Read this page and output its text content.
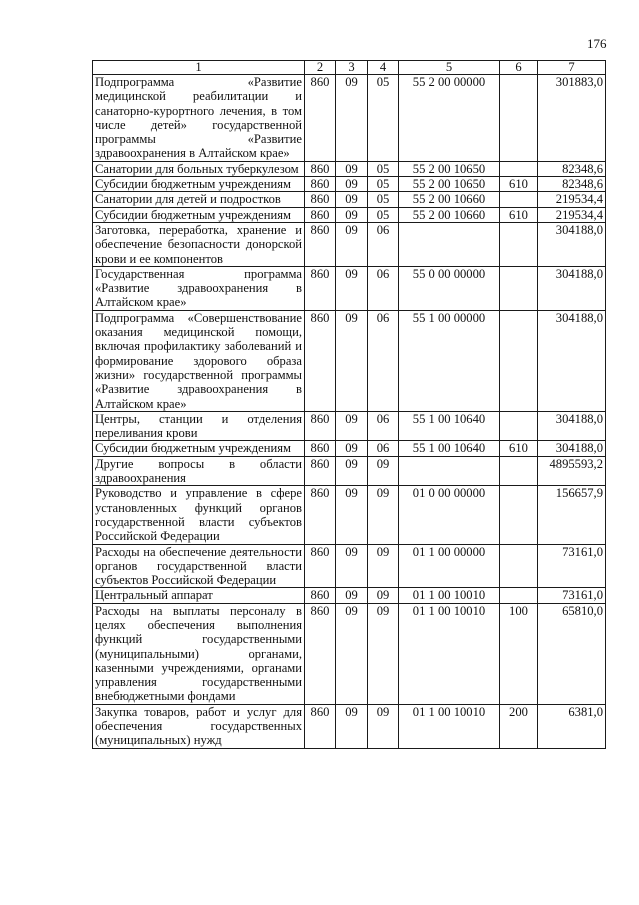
176
1	2	3	4	5	6	7
Подпрограмма «Развитие медицинской реабилитации и санаторно-курортного лечения, в том числе детей» государственной программы «Развитие здравоохранения в Алтайском крае»	860	09	05	55 2 00 00000		301883,0
Санатории для больных туберкулезом	860	09	05	55 2 00 10650		82348,6
Субсидии бюджетным учреждениям	860	09	05	55 2 00 10650	610	82348,6
Санатории для детей и подростков	860	09	05	55 2 00 10660		219534,4
Субсидии бюджетным учреждениям	860	09	05	55 2 00 10660	610	219534,4
Заготовка, переработка, хранение и обеспечение безопасности донорской крови и ее компонентов	860	09	06			304188,0
Государственная программа «Развитие здравоохранения в Алтайском крае»	860	09	06	55 0 00 00000		304188,0
Подпрограмма «Совершенствование оказания медицинской помощи, включая профилактику заболеваний и формирование здорового образа жизни» государственной программы «Развитие здравоохранения в Алтайском крае»	860	09	06	55 1 00 00000		304188,0
Центры, станции и отделения переливания крови	860	09	06	55 1 00 10640		304188,0
Субсидии бюджетным учреждениям	860	09	06	55 1 00 10640	610	304188,0
Другие вопросы в области здравоохранения	860	09	09			4895593,2
Руководство и управление в сфере установленных функций органов государственной власти субъектов Российской Федерации	860	09	09	01 0 00 00000		156657,9
Расходы на обеспечение деятельности органов государственной власти субъектов Российской Федерации	860	09	09	01 1 00 00000		73161,0
Центральный аппарат	860	09	09	01 1 00 10010		73161,0
Расходы на выплаты персоналу в целях обеспечения выполнения функций государственными (муниципальными) органами, казенными учреждениями, органами управления государственными внебюджетными фондами	860	09	09	01 1 00 10010	100	65810,0
Закупка товаров, работ и услуг для обеспечения государственных (муниципальных) нужд	860	09	09	01 1 00 10010	200	6381,0
